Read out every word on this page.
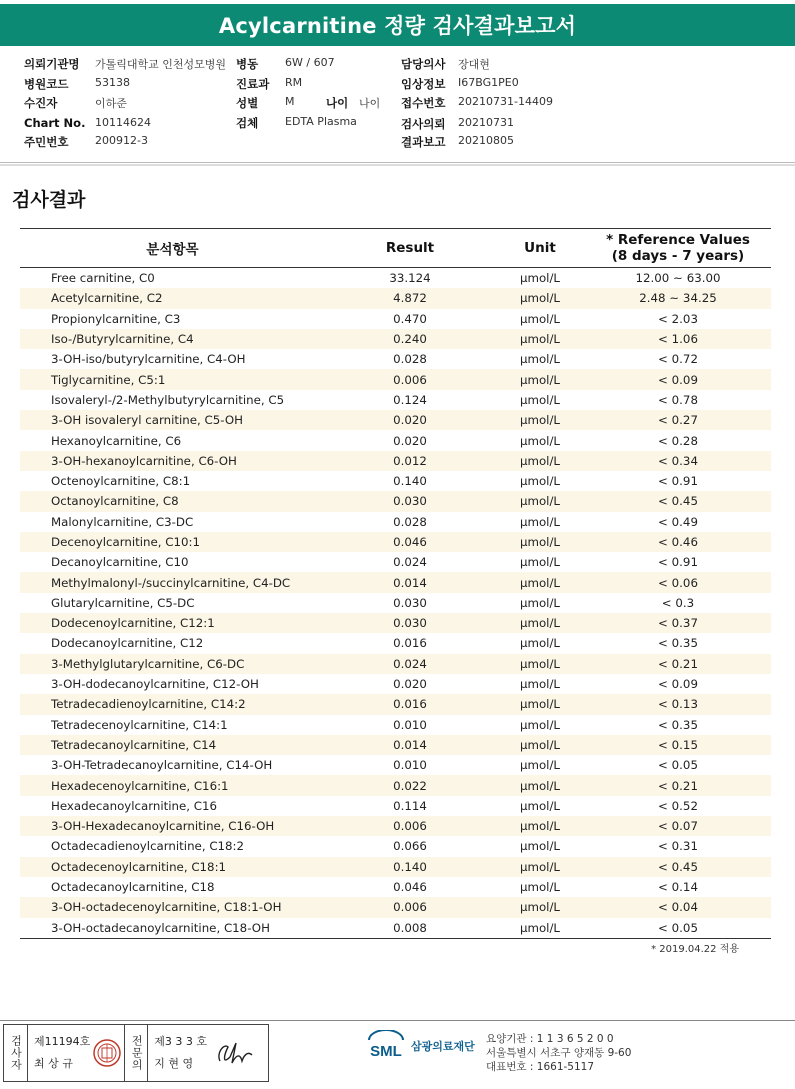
Acylcarnitine 정량 검사결과보고서
의뢰기관명 가톨릭대학교 인천성모병원 병동 6W / 607	담당의사 장대현
병원코드 53138	진료과 RM	임상정보 I67BG1PE0
수진자	이하준	성별 M	나이 나이 접수번호 20210731-14409
Chart No. 10114624	검체 EDTA Plasma	검사의뢰 20210731
주민번호 200912-3	결과보고 20210805
검사결과
분석항목	Result	Unit	* Reference Values
(8 days - 7 years)
Free carnitine, C0	33.124	μmol/L	12.00 ~ 63.00
Acetylcarnitine, C2	4.872	μmol/L	2.48 ~ 34.25
Propionylcarnitine, C3	0.470	μmol/L	< 2.03
Iso-/Butyrylcarnitine, C4	0.240	μmol/L	< 1.06
3-OH-iso/butyrylcarnitine, C4-OH	0.028	μmol/L	< 0.72
Tiglycarnitine, C5:1	0.006	μmol/L	< 0.09
Isovaleryl-/2-Methylbutyrylcarnitine, C5	0.124	μmol/L	< 0.78
3-OH isovaleryl carnitine, C5-OH	0.020	μmol/L	< 0.27
Hexanoylcarnitine, C6	0.020	μmol/L	< 0.28
3-OH-hexanoylcarnitine, C6-OH	0.012	μmol/L	< 0.34
Octenoylcarnitine, C8:1	0.140	μmol/L	< 0.91
Octanoylcarnitine, C8	0.030	μmol/L	< 0.45
Malonylcarnitine, C3-DC	0.028	μmol/L	< 0.49
Decenoylcarnitine, C10:1	0.046	μmol/L	< 0.46
Decanoylcarnitine, C10	0.024	μmol/L	< 0.91
Methylmalonyl-/succinylcarnitine, C4-DC	0.014	μmol/L	< 0.06
Glutarylcarnitine, C5-DC	0.030	μmol/L	< 0.3
Dodecenoylcarnitine, C12:1	0.030	μmol/L	< 0.37
Dodecanoylcarnitine, C12	0.016	μmol/L	< 0.35
3-Methylglutarylcarnitine, C6-DC	0.024	μmol/L	< 0.21
3-OH-dodecanoylcarnitine, C12-OH	0.020	μmol/L	< 0.09
Tetradecadienoylcarnitine, C14:2	0.016	μmol/L	< 0.13
Tetradecenoylcarnitine, C14:1	0.010	μmol/L	< 0.35
Tetradecanoylcarnitine, C14	0.014	μmol/L	< 0.15
3-OH-Tetradecanoylcarnitine, C14-OH	0.010	μmol/L	< 0.05
Hexadecenoylcarnitine, C16:1	0.022	μmol/L	< 0.21
Hexadecanoylcarnitine, C16	0.114	μmol/L	< 0.52
3-OH-Hexadecanoylcarnitine, C16-OH	0.006	μmol/L	< 0.07
Octadecadienoylcarnitine, C18:2	0.066	μmol/L	< 0.31
Octadecenoylcarnitine, C18:1	0.140	μmol/L	< 0.45
Octadecanoylcarnitine, C18	0.046	μmol/L	< 0.14
3-OH-octadecenoylcarnitine, C18:1-OH	0.006	μmol/L	< 0.04
3-OH-octadecanoylcarnitine, C18-OH	0.008	μmol/L	< 0.05
* 2019.04.22 적용
검사자 제11194호
최 상 규	전문의 제3 3 3 호
지 현 영
SML 삼광의료재단
요양기관 : 1 1 3 6 5 2 0 0
서울특별시 서초구 양재동 9-60
대표번호 : 1661-5117
